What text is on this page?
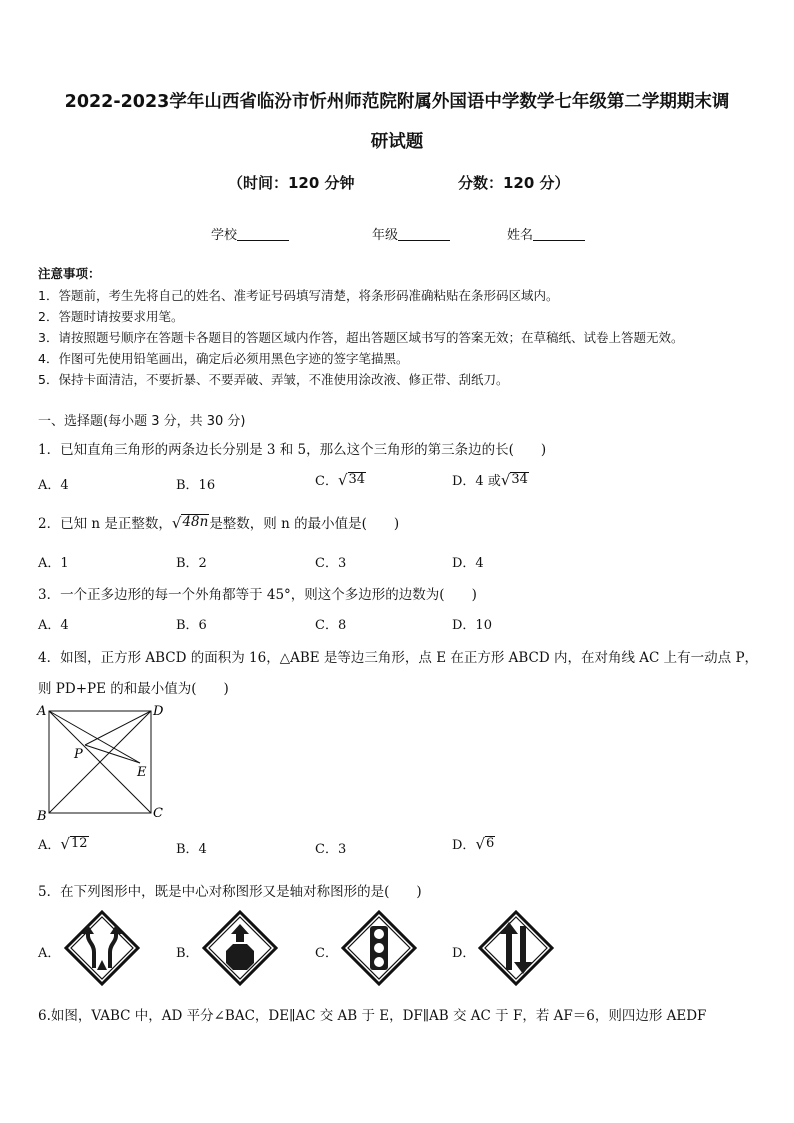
2022-2023学年山西省临汾市忻州师范院附属外国语中学数学七年级第二学期期末调
研试题
（时间：120 分钟	分数：120 分）
学校	年级	姓名
注意事项：
1．答题前，考生先将自己的姓名、准考证号码填写清楚，将条形码准确粘贴在条形码区域内。
2．答题时请按要求用笔。
3．请按照题号顺序在答题卡各题目的答题区域内作答，超出答题区域书写的答案无效；在草稿纸、试卷上答题无效。
4．作图可先使用铅笔画出，确定后必须用黑色字迹的签字笔描黑。
5．保持卡面清洁，不要折暴、不要弄破、弄皱，不准使用涂改液、修正带、刮纸刀。
一、选择题(每小题 3 分，共 30 分)
1．已知直角三角形的两条边长分别是 3 和 5，那么这个三角形的第三条边的长(　　)
A．4	B．16	C． √ 34	D．4 或 √ 34
2．已知 n 是正整数， √ 48n 是整数，则 n 的最小值是(　　)
A．1	B．2	C．3	D．4
3．一个正多边形的每一个外角都等于 45°，则这个多边形的边数为(　　)
A．4	B．6	C．8	D．10
4．如图，正方形 ABCD 的面积为 16，△ABE 是等边三角形，点 E 在正方形 ABCD 内，在对角线 AC 上有一动点 P，
则 PD+PE 的和最小值为(　　)
A	D
B	C
P
E
A． √ 12	B．4	C．3	D． √ 6
5．在下列图形中，既是中心对称图形又是轴对称图形的是(　　)
A．	B．	C．	D．
6.如图，VABC 中，AD 平分∠BAC，DE∥AC 交 AB 于 E，DF∥AB 交 AC 于 F，若 AF＝6，则四边形 AEDF
